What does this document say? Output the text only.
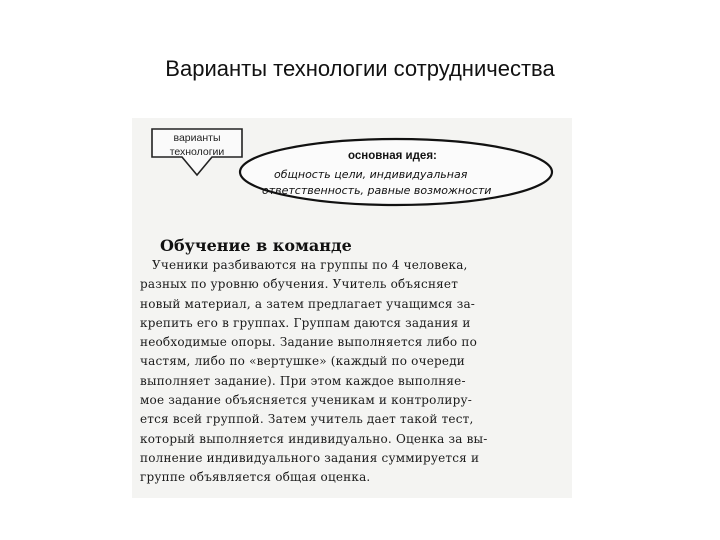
Варианты технологии сотрудничества
варианты
технологии	основная идея:
общность цели, индивидуальная
ответственность, равные возможности
Обучение в команде
Ученики разбиваются на группы по 4 человека,
разных по уровню обучения. Учитель объясняет
новый материал, а затем предлагает учащимся за-
крепить его в группах. Группам даются задания и
необходимые опоры. Задание выполняется либо по
частям, либо по «вертушке» (каждый по очереди
выполняет задание). При этом каждое выполняе-
мое задание объясняется ученикам и контролиру-
ется всей группой. Затем учитель дает такой тест,
который выполняется индивидуально. Оценка за вы-
полнение индивидуального задания суммируется и
группе объявляется общая оценка.
